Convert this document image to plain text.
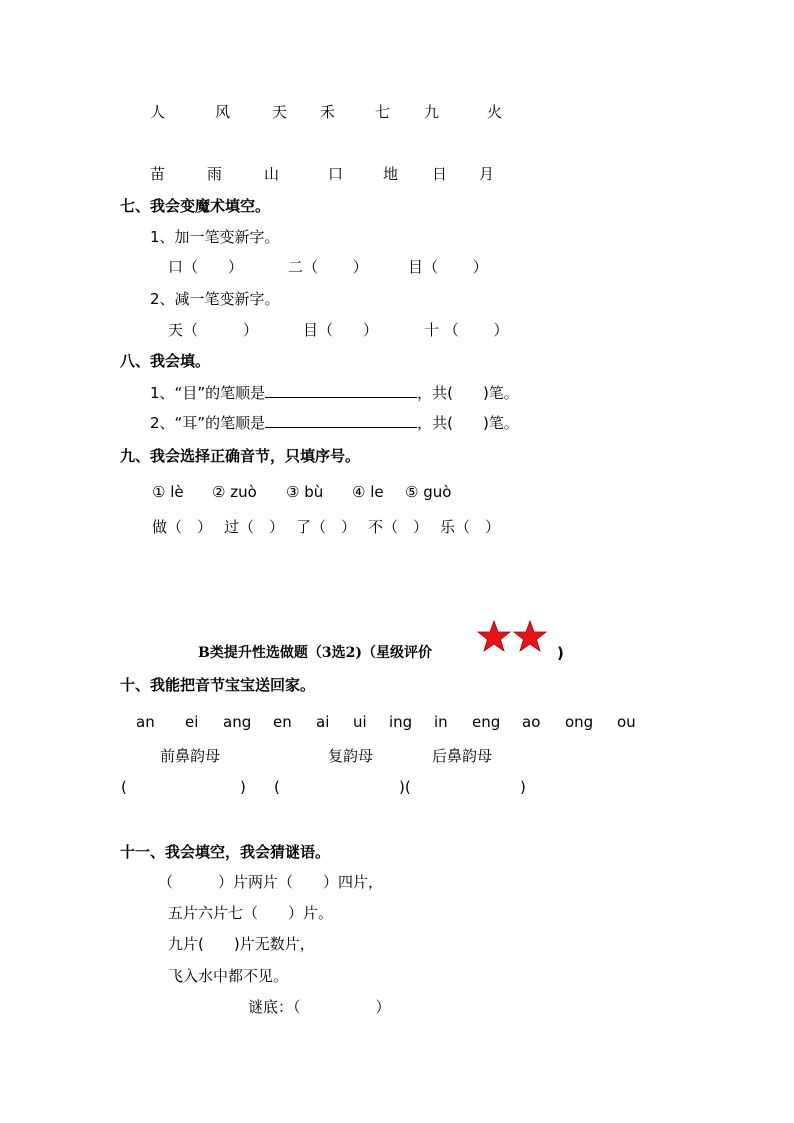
人	风	天 禾	七 九	火
苗	雨	山	口	地 日 月
七、我会变魔术填空。
1、加一笔变新字。
口（　　）	二（　　 ）	目（　　 ）
2、减一笔变新字。
天（　　　）	目（　　）	十 （　　 ）
八、我会填。
1、“目”的笔顺是	，共(　　)笔。
2、“耳”的笔顺是	，共(　　)笔。
九、我会选择正确音节，只填序号。
① lè ② zuò ③ bù ④ le ⑤ guò
做（　） 过（　） 了（　） 不（　） 乐（　）
B类提升性选做题（3选2)（星级评价	)
十、我能把音节宝宝送回家。
an ei ang en ai ui ing in eng ao ong ou
前鼻韵母	复韵母	后鼻韵母
(	) (	)(	)
十一、我会填空，我会猜谜语。
（　　　）片两片（　　）四片，
五片六片七（　　）片。
九片(　　)片无数片，
飞入水中都不见。
谜底：（　　　　　）
